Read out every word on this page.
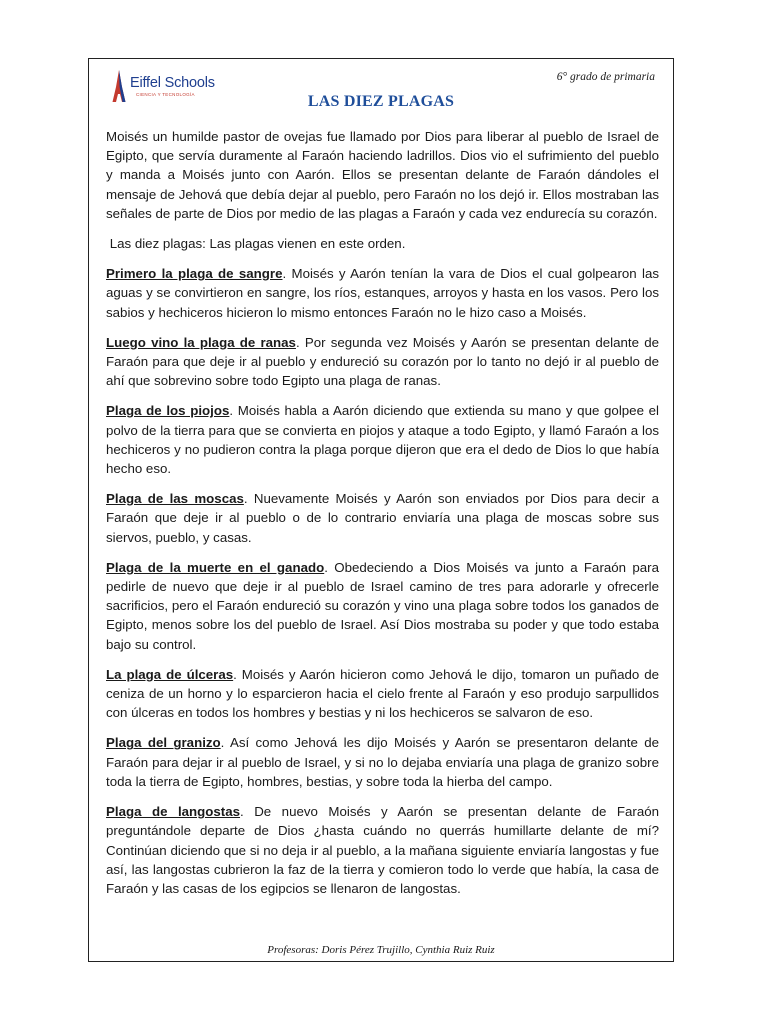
Eiffel Schools
CIENCIA Y TECNOLOGÍA
6° grado de primaria
LAS DIEZ PLAGAS

Moisés un humilde pastor de ovejas fue llamado por Dios para liberar al pueblo de Israel de Egipto, que servía duramente al Faraón haciendo ladrillos. Dios vio el sufrimiento del pueblo y manda a Moisés junto con Aarón. Ellos se presentan delante de Faraón dándoles el mensaje de Jehová que debía dejar al pueblo, pero Faraón no los dejó ir. Ellos mostraban las señales de parte de Dios por medio de las plagas a Faraón y cada vez endurecía su corazón.

Las diez plagas: Las plagas vienen en este orden.

Primero la plaga de sangre. Moisés y Aarón tenían la vara de Dios el cual golpearon las aguas y se convirtieron en sangre, los ríos, estanques, arroyos y hasta en los vasos. Pero los sabios y hechiceros hicieron lo mismo entonces Faraón no le hizo caso a Moisés.

Luego vino la plaga de ranas. Por segunda vez Moisés y Aarón se presentan delante de Faraón para que deje ir al pueblo y endureció su corazón por lo tanto no dejó ir al pueblo de ahí que sobrevino sobre todo Egipto una plaga de ranas.

Plaga de los piojos. Moisés habla a Aarón diciendo que extienda su mano y que golpee el polvo de la tierra para que se convierta en piojos y ataque a todo Egipto, y llamó Faraón a los hechiceros y no pudieron contra la plaga porque dijeron que era el dedo de Dios lo que había hecho eso.

Plaga de las moscas. Nuevamente Moisés y Aarón son enviados por Dios para decir a Faraón que deje ir al pueblo o de lo contrario enviaría una plaga de moscas sobre sus siervos, pueblo, y casas.

Plaga de la muerte en el ganado. Obedeciendo a Dios Moisés va junto a Faraón para pedirle de nuevo que deje ir al pueblo de Israel camino de tres para adorarle y ofrecerle sacrificios, pero el Faraón endureció su corazón y vino una plaga sobre todos los ganados de Egipto, menos sobre los del pueblo de Israel. Así Dios mostraba su poder y que todo estaba bajo su control.

La plaga de úlceras. Moisés y Aarón hicieron como Jehová le dijo, tomaron un puñado de ceniza de un horno y lo esparcieron hacia el cielo frente al Faraón y eso produjo sarpullidos con úlceras en todos los hombres y bestias y ni los hechiceros se salvaron de eso.

Plaga del granizo. Así como Jehová les dijo Moisés y Aarón se presentaron delante de Faraón para dejar ir al pueblo de Israel, y si no lo dejaba enviaría una plaga de granizo sobre toda la tierra de Egipto, hombres, bestias, y sobre toda la hierba del campo.

Plaga de langostas. De nuevo Moisés y Aarón se presentan delante de Faraón preguntándole departe de Dios ¿hasta cuándo no querrás humillarte delante de mí? Continúan diciendo que si no deja ir al pueblo, a la mañana siguiente enviaría langostas y fue así, las langostas cubrieron la faz de la tierra y comieron todo lo verde que había, la casa de Faraón y las casas de los egipcios se llenaron de langostas.

Profesoras: Doris Pérez Trujillo, Cynthia Ruiz Ruiz
